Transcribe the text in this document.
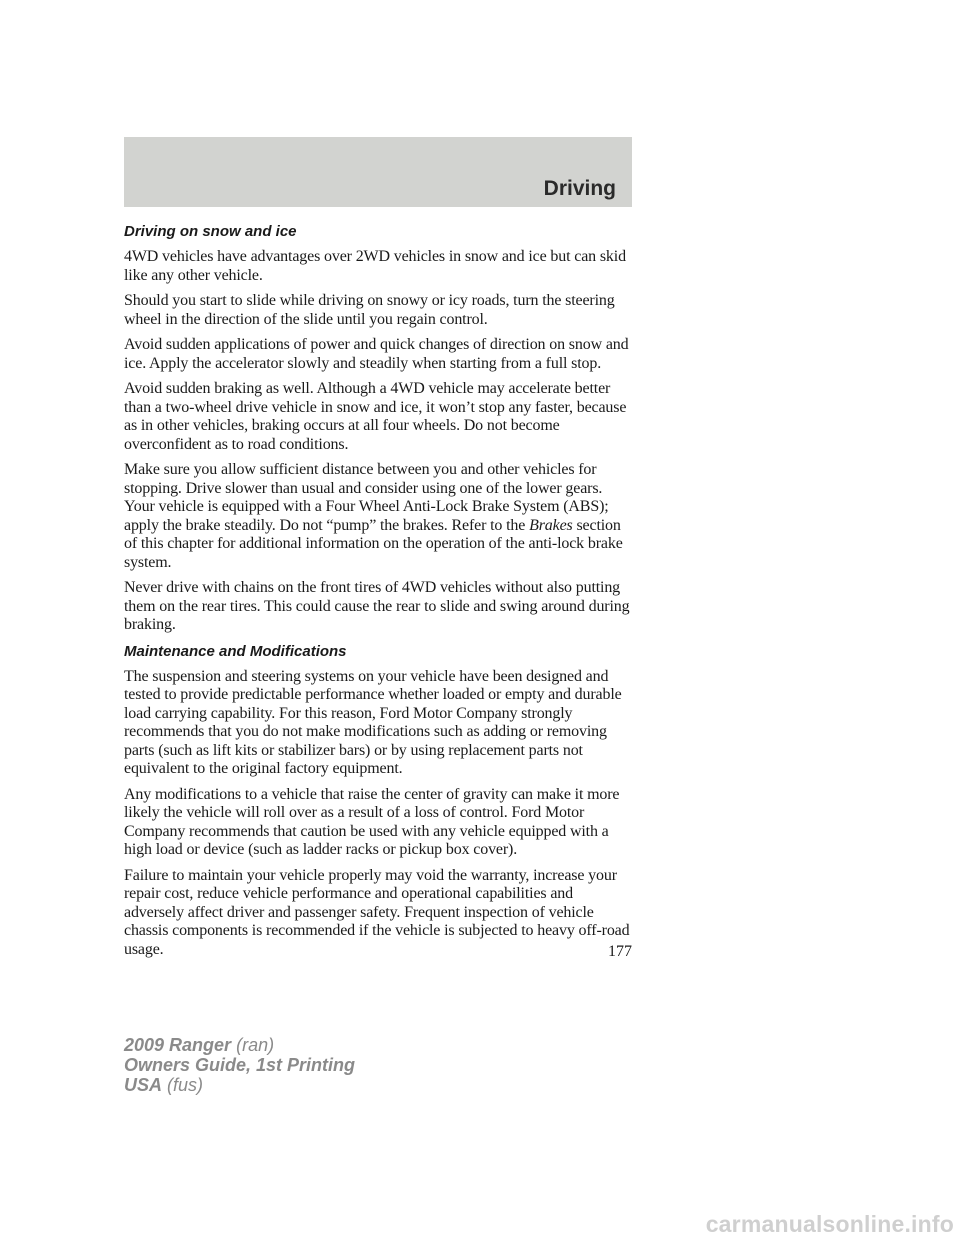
Driving
Driving on snow and ice

4WD vehicles have advantages over 2WD vehicles in snow and ice but can skid like any other vehicle.

Should you start to slide while driving on snowy or icy roads, turn the steering wheel in the direction of the slide until you regain control.

Avoid sudden applications of power and quick changes of direction on snow and ice. Apply the accelerator slowly and steadily when starting from a full stop.

Avoid sudden braking as well. Although a 4WD vehicle may accelerate better than a two-wheel drive vehicle in snow and ice, it won’t stop any faster, because as in other vehicles, braking occurs at all four wheels. Do not become overconfident as to road conditions.

Make sure you allow sufficient distance between you and other vehicles for stopping. Drive slower than usual and consider using one of the lower gears. Your vehicle is equipped with a Four Wheel Anti-Lock Brake System (ABS); apply the brake steadily. Do not “pump” the brakes. Refer to the Brakes section of this chapter for additional information on the operation of the anti-lock brake system.

Never drive with chains on the front tires of 4WD vehicles without also putting them on the rear tires. This could cause the rear to slide and swing around during braking.

Maintenance and Modifications

The suspension and steering systems on your vehicle have been designed and tested to provide predictable performance whether loaded or empty and durable load carrying capability. For this reason, Ford Motor Company strongly recommends that you do not make modifications such as adding or removing parts (such as lift kits or stabilizer bars) or by using replacement parts not equivalent to the original factory equipment.

Any modifications to a vehicle that raise the center of gravity can make it more likely the vehicle will roll over as a result of a loss of control. Ford Motor Company recommends that caution be used with any vehicle equipped with a high load or device (such as ladder racks or pickup box cover).

Failure to maintain your vehicle properly may void the warranty, increase your repair cost, reduce vehicle performance and operational capabilities and adversely affect driver and passenger safety. Frequent inspection of vehicle chassis components is recommended if the vehicle is subjected to heavy off-road usage.	177
2009 Ranger (ran)
Owners Guide, 1st Printing
USA (fus)
carmanualsonline.info
